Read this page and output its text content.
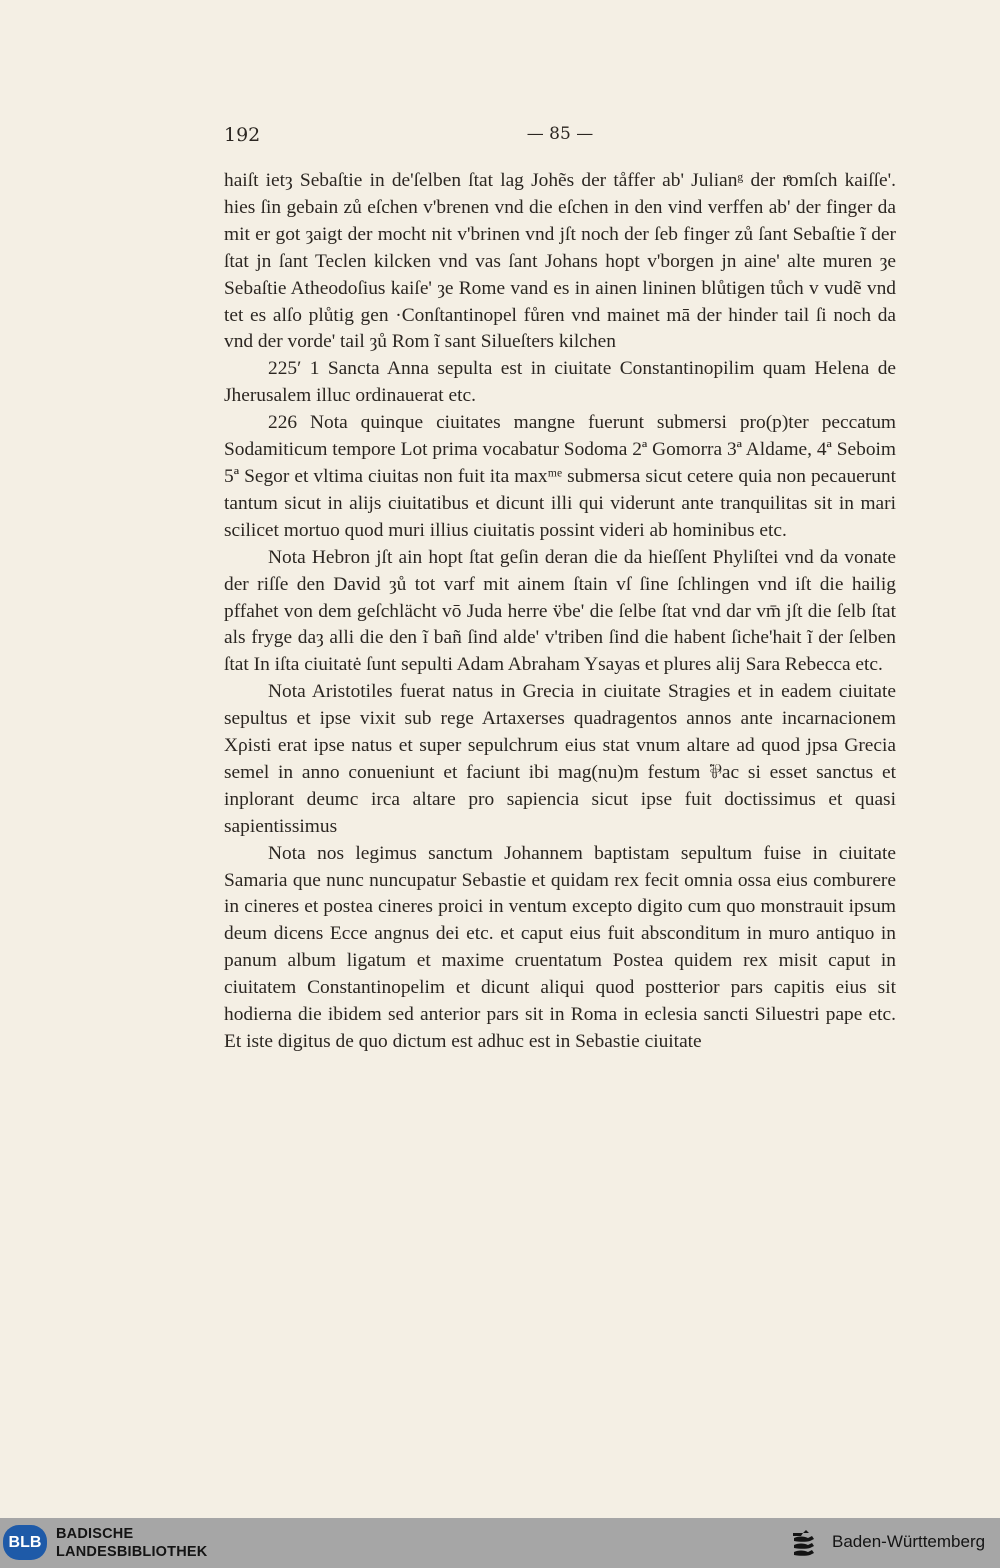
192	— 85 —

haiſt ietȝ Sebaſtie in de'ſelben ſtat lag Johẽs der tåffer ab' Julianᵍ der rͤomſch kaiſſe'. hies ſin gebain zů eſchen v'brenen vnd die eſchen in den vind verffen ab' der finger da mit er got ȝaigt der mocht nit v'brinen vnd jſt noch der ſeb finger zů ſant Sebaſtie ĩ der ſtat jn ſant Teclen kilcken vnd vas ſant Johans hopt v'borgen jn aine' alte muren ȝe Sebaſtie Atheodoſius kaiſe' ȝe Rome vand es in ainen lininen blůtigen tůch v vudẽ vnd tet es alſo plůtig gen ·Conſtantinopel fůren vnd mainet mā der hinder tail ſi noch da vnd der vorde' tail ȝů Rom ĩ sant Silueſters kilchen

225′ 1 Sancta Anna sepulta est in ciuitate Constantinopilim quam Helena de Jherusalem illuc ordinauerat etc.

226 Nota quinque ciuitates mangne fuerunt submersi pro(p)ter peccatum Sodamiticum tempore Lot prima vocabatur Sodoma 2ª Gomorra 3ª Aldame, 4ª Seboim 5ª Segor et vltima ciuitas non fuit ita maxᵐᵉ submersa sicut cetere quia non pecauerunt tantum sicut in alijs ciuitatibus et dicunt illi qui viderunt ante tranquilitas sit in mari scilicet mortuo quod muri illius ciuitatis possint videri ab hominibus etc.

Nota Hebron jſt ain hopt ſtat geſin deran die da hieſſent Phyliſtei vnd da vonate der riſſe den David ȝů tot varf mit ainem ſtain vſ ſine ſchlingen vnd iſt die hailig pffahet von dem geſchlächt vō Juda herre v̈be' die ſelbe ſtat vnd dar vm̄ jſt die ſelb ſtat als fryge daȝ alli die den ĩ bañ ſind alde' v'triben ſind die habent ſiche'hait ĩ der ſelben ſtat In iſta ciuitatė ſunt sepulti Adam Abraham Ysayas et plures alij Sara Rebecca etc.

Nota Aristotiles fuerat natus in Grecia in ciuitate Stragies et in eadem ciuitate sepultus et ipse vixit sub rege Artaxerses quadragentos annos ante incarnacionem Xρisti erat ipse natus et super sepulchrum eius stat vnum altare ad quod jpsa Grecia semel in anno conueniunt et faciunt ibi mag(nu)m festum ⅌ac si esset sanctus et inplorant deumc irca altare pro sapiencia sicut ipse fuit doctissimus et quasi sapientissimus

Nota nos legimus sanctum Johannem baptistam sepultum fuise in ciuitate Samaria que nunc nuncupatur Sebastie et quidam rex fecit omnia ossa eius comburere in cineres et postea cineres proici in ventum excepto digito cum quo monstrauit ipsum deum dicens Ecce angnus dei etc. et caput eius fuit absconditum in muro antiquo in panum album ligatum et maxime cruentatum Postea quidem rex misit caput in ciuitatem Constantinopelim et dicunt aliqui quod postterior pars capitis eius sit hodierna die ibidem sed anterior pars sit in Roma in eclesia sancti Siluestri pape etc. Et iste digitus de quo dictum est adhuc est in Sebastie ciuitate

BLB	BADISCHE
LANDESBIBLIOTHEK
Baden-Württemberg
